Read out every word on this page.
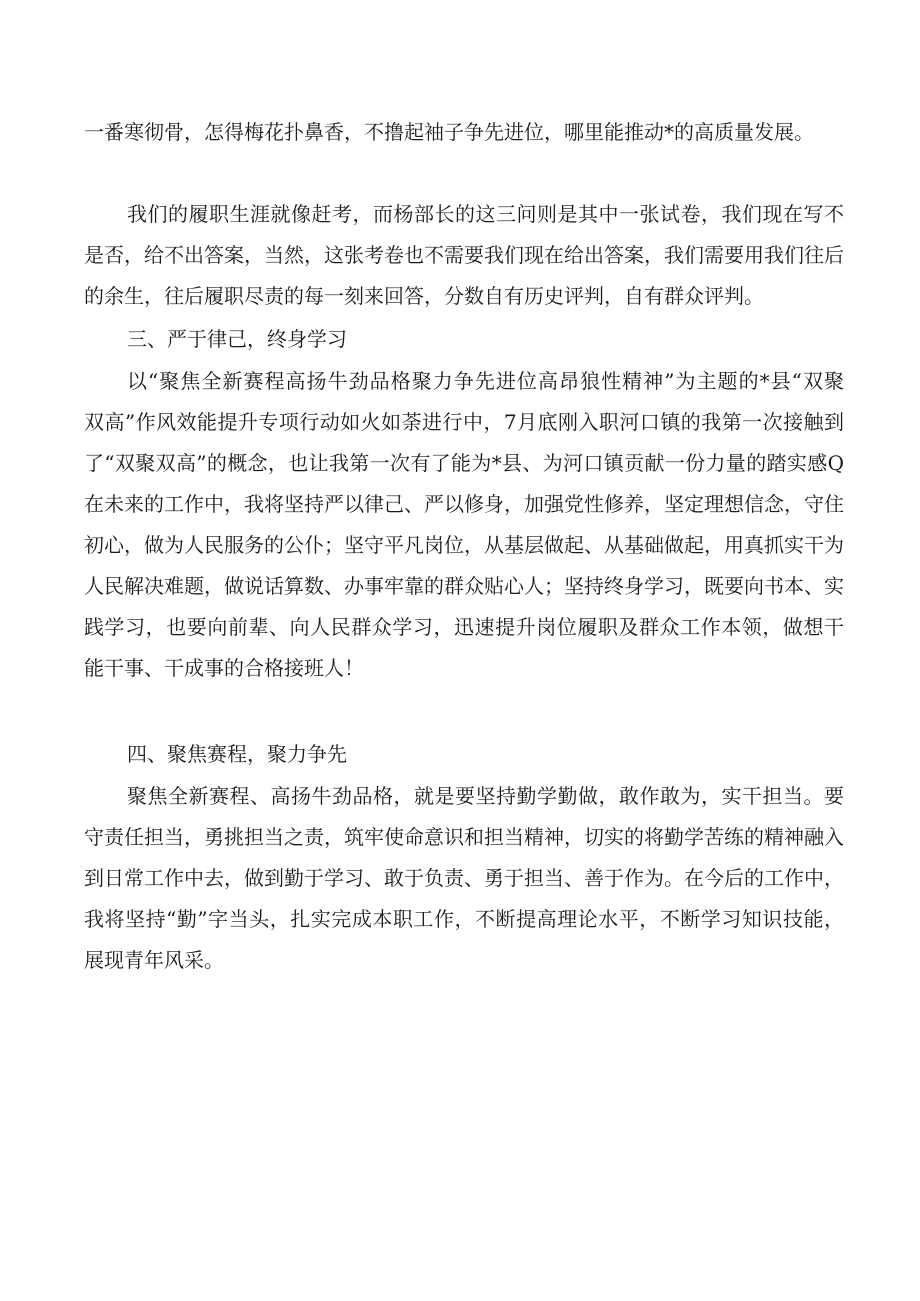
一番寒彻骨，怎得梅花扑鼻香，不撸起袖子争先进位，哪里能推动*的高质量发展。
我们的履职生涯就像赶考，而杨部长的这三问则是其中一张试卷，我们现在写不
是否，给不出答案，当然，这张考卷也不需要我们现在给出答案，我们需要用我们往后
的余生，往后履职尽责的每一刻来回答，分数自有历史评判，自有群众评判。
三、严于律己，终身学习
以“聚焦全新赛程高扬牛劲品格聚力争先进位高昂狼性精神”为主题的*县“双聚
双高”作风效能提升专项行动如火如荼进行中，7月底刚入职河口镇的我第一次接触到
了“双聚双高”的概念，也让我第一次有了能为*县、为河口镇贡献一份力量的踏实感Q
在未来的工作中，我将坚持严以律己、严以修身，加强党性修养，坚定理想信念，守住
初心，做为人民服务的公仆；坚守平凡岗位，从基层做起、从基础做起，用真抓实干为
人民解决难题，做说话算数、办事牢靠的群众贴心人；坚持终身学习，既要向书本、实
践学习，也要向前辈、向人民群众学习，迅速提升岗位履职及群众工作本领，做想干
能干事、干成事的合格接班人！
四、聚焦赛程，聚力争先
聚焦全新赛程、高扬牛劲品格，就是要坚持勤学勤做，敢作敢为，实干担当。要
守责任担当，勇挑担当之责，筑牢使命意识和担当精神，切实的将勤学苦练的精神融入
到日常工作中去，做到勤于学习、敢于负责、勇于担当、善于作为。在今后的工作中，
我将坚持“勤”字当头，扎实完成本职工作，不断提高理论水平，不断学习知识技能，
展现青年风采。
